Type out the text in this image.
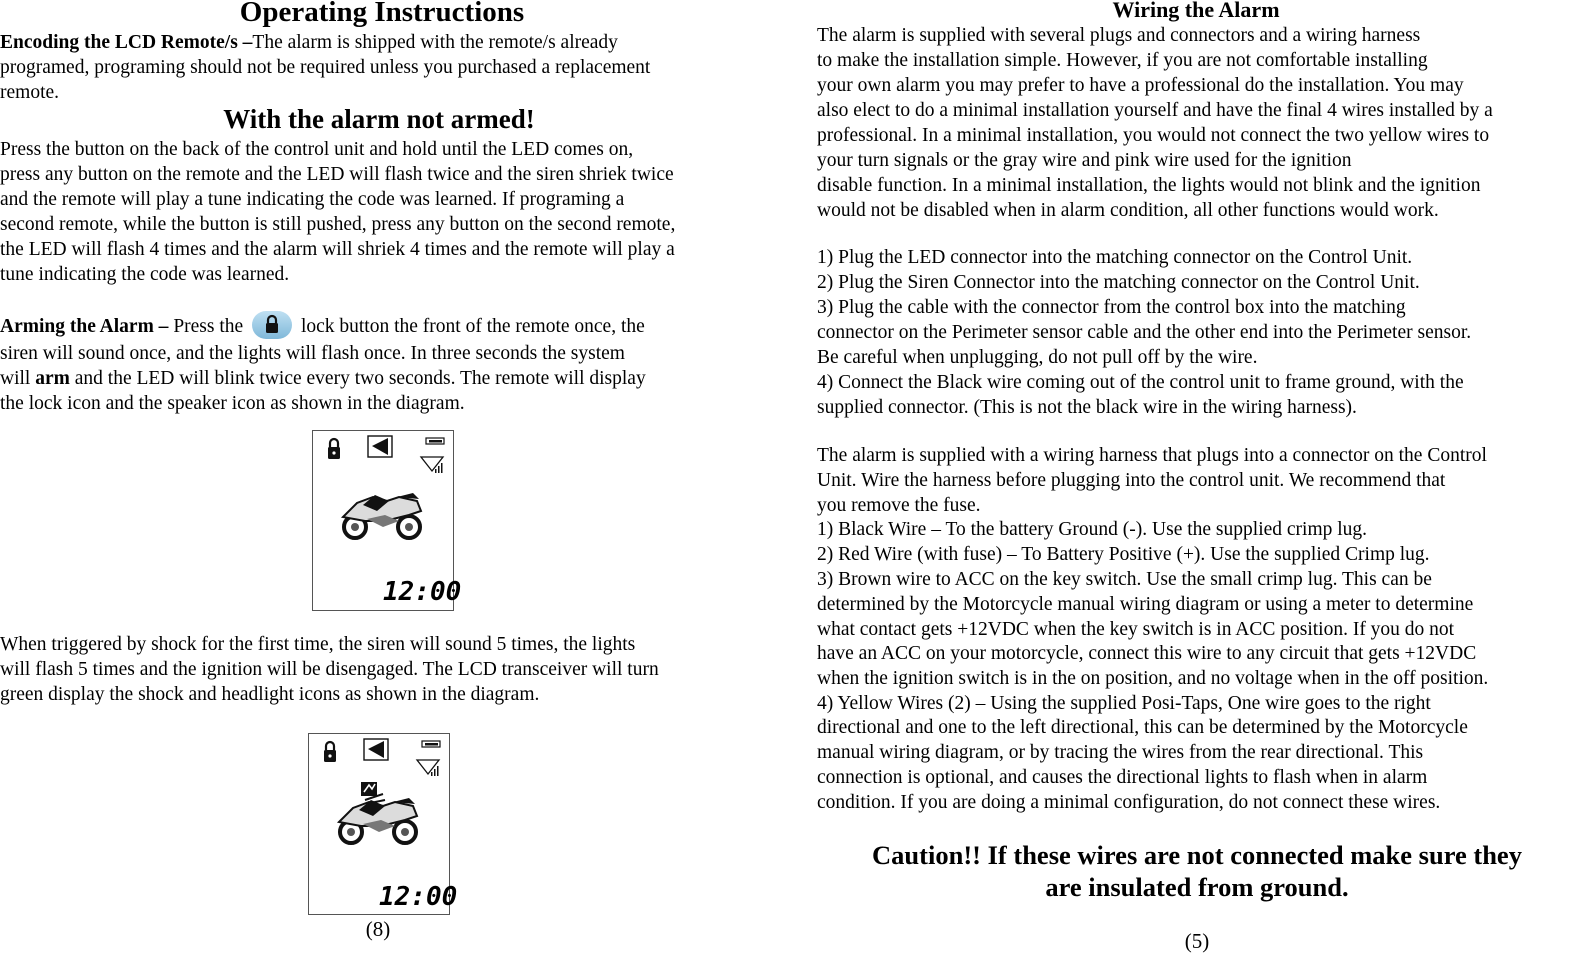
Operating Instructions
Encoding the LCD Remote/s –The alarm is shipped with the remote/s already
programed, programing should not be required unless you purchased a replacement
remote.
With the alarm not armed!
Press the button on the back of the control unit and hold until the LED comes on,
press any button on the remote and the LED will flash twice and the siren shriek twice
and the remote will play a tune indicating the code was learned. If programing a
second remote, while the button is still pushed, press any button on the second remote,
the LED will flash 4 times and the alarm will shriek 4 times and the remote will play a
tune indicating the code was learned.
Arming the Alarm – Press the
lock button the front of the remote once, the
siren will sound once, and the lights will flash once. In three seconds the system
will arm and the LED will blink twice every two seconds. The remote will display
the lock icon and the speaker icon as shown in the diagram.
12:00
When triggered by shock for the first time, the siren will sound 5 times, the lights
will flash 5 times and the ignition will be disengaged. The LCD transceiver will turn
green display the shock and headlight icons as shown in the diagram.
12:00
(8)
Wiring the Alarm
The alarm is supplied with several plugs and connectors and a wiring harness
to make the installation simple. However, if you are not comfortable installing
your own alarm you may prefer to have a professional do the installation. You may
also elect to do a minimal installation yourself and have the final 4 wires installed by a
professional. In a minimal installation, you would not connect the two yellow wires to
your turn signals or the gray wire and pink wire used for the ignition
disable function. In a minimal installation, the lights would not blink and the ignition
would not be disabled when in alarm condition, all other functions would work.
1) Plug the LED connector into the matching connector on the Control Unit.
2) Plug the Siren Connector into the matching connector on the Control Unit.
3) Plug the cable with the connector from the control box into the matching
connector on the Perimeter sensor cable and the other end into the Perimeter sensor.
Be careful when unplugging, do not pull off by the wire.
4) Connect the Black wire coming out of the control unit to frame ground, with the
supplied connector. (This is not the black wire in the wiring harness).
The alarm is supplied with a wiring harness that plugs into a connector on the Control
Unit. Wire the harness before plugging into the control unit. We recommend that
you remove the fuse.
1) Black Wire – To the battery Ground (-). Use the supplied crimp lug.
2) Red Wire (with fuse) – To Battery Positive (+). Use the supplied Crimp lug.
3) Brown wire to ACC on the key switch. Use the small crimp lug. This can be
determined by the Motorcycle manual wiring diagram or using a meter to determine
what contact gets +12VDC when the key switch is in ACC position. If you do not
have an ACC on your motorcycle, connect this wire to any circuit that gets +12VDC
when the ignition switch is in the on position, and no voltage when in the off position.
4) Yellow Wires (2) – Using the supplied Posi-Taps, One wire goes to the right
directional and one to the left directional, this can be determined by the Motorcycle
manual wiring diagram, or by tracing the wires from the rear directional. This
connection is optional, and causes the directional lights to flash when in alarm
condition. If you are doing a minimal configuration, do not connect these wires.
Caution!! If these wires are not connected make sure they
are insulated from ground.
(5)
